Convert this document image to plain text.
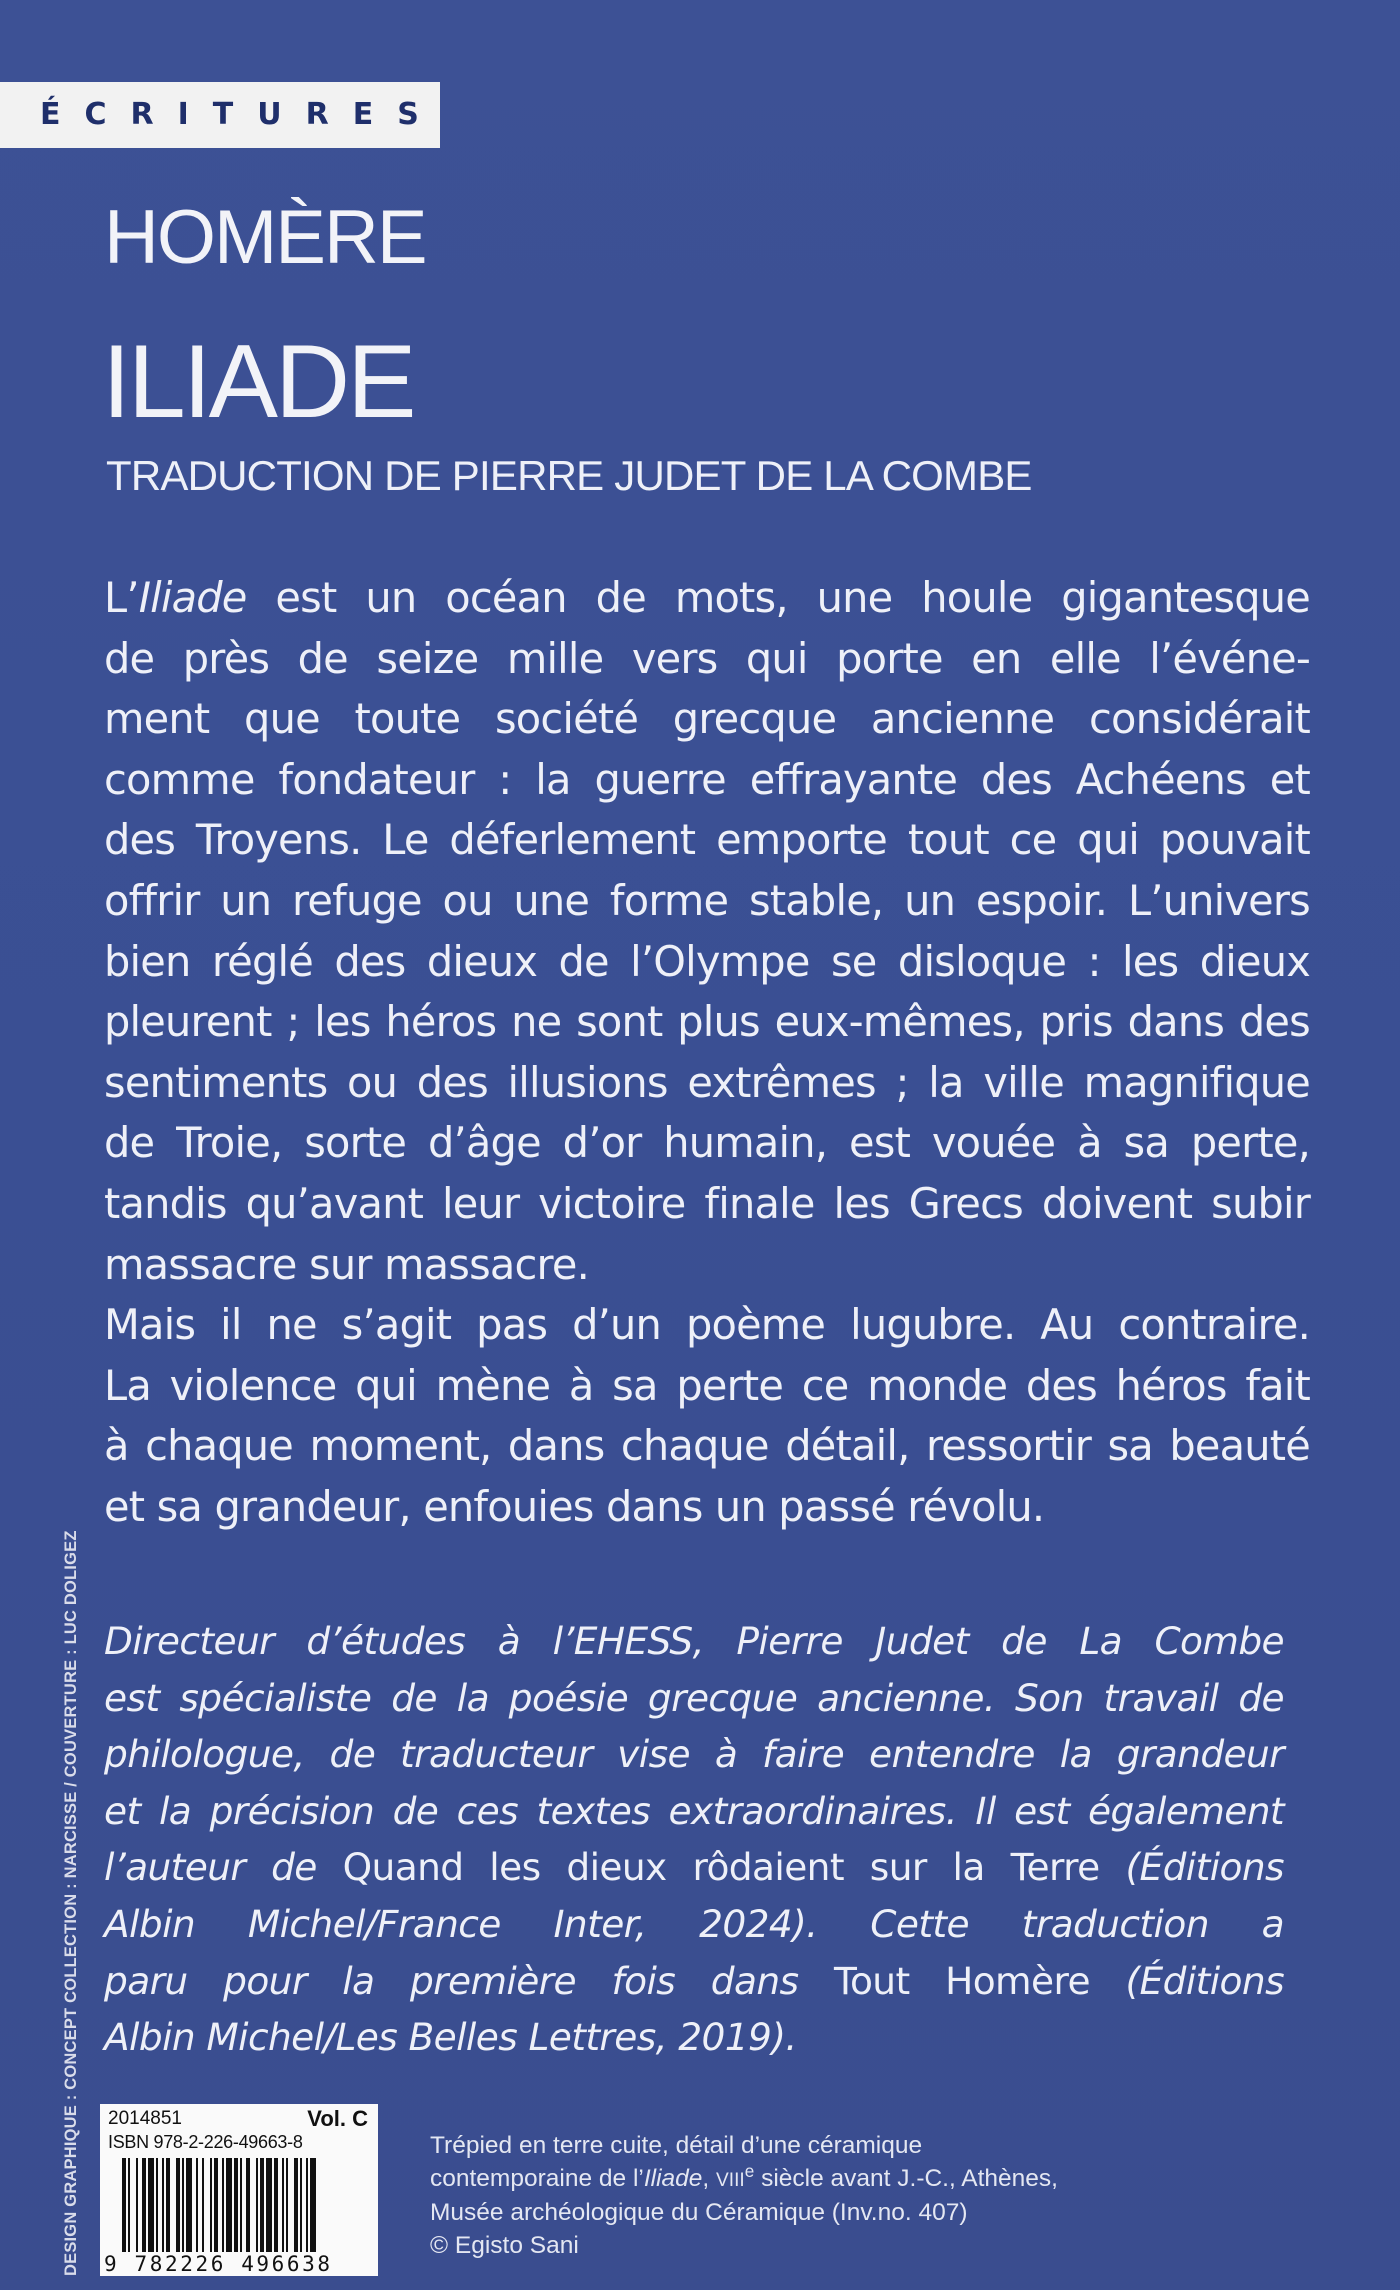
ÉCRITURES
HOMÈRE
ILIADE
TRADUCTION DE PIERRE JUDET DE LA COMBE
L’Iliade est un océan de mots, une houle gigantesque
de près de seize mille vers qui porte en elle l’événe-
ment que toute société grecque ancienne considérait
comme fondateur : la guerre effrayante des Achéens et
des Troyens. Le déferlement emporte tout ce qui pouvait
offrir un refuge ou une forme stable, un espoir. L’univers
bien réglé des dieux de l’Olympe se disloque : les dieux
pleurent ; les héros ne sont plus eux-mêmes, pris dans des
sentiments ou des illusions extrêmes ; la ville magnifique
de Troie, sorte d’âge d’or humain, est vouée à sa perte,
tandis qu’avant leur victoire finale les Grecs doivent subir
massacre sur massacre.
Mais il ne s’agit pas d’un poème lugubre. Au contraire.
La violence qui mène à sa perte ce monde des héros fait
à chaque moment, dans chaque détail, ressortir sa beauté
et sa grandeur, enfouies dans un passé révolu.
Directeur d’études à l’EHESS, Pierre Judet de La Combe
est spécialiste de la poésie grecque ancienne. Son travail de
philologue, de traducteur vise à faire entendre la grandeur
et la précision de ces textes extraordinaires. Il est également
l’auteur de Quand les dieux rôdaient sur la Terre (Éditions
Albin Michel/France Inter, 2024). Cette traduction a
paru pour la première fois dans Tout Homère (Éditions
Albin Michel/Les Belles Lettres, 2019).
DESIGN GRAPHIQUE : CONCEPT COLLECTION : NARCISSE / COUVERTURE : LUC DOLIGEZ 2014851	Vol. C
ISBN 978-2-226-49663-8
9 782226 496638
Trépied en terre cuite, détail d’une céramique
contemporaine de l’Iliade, VIIIe siècle avant J.-C., Athènes,
Musée archéologique du Céramique (Inv.no. 407)
© Egisto Sani
